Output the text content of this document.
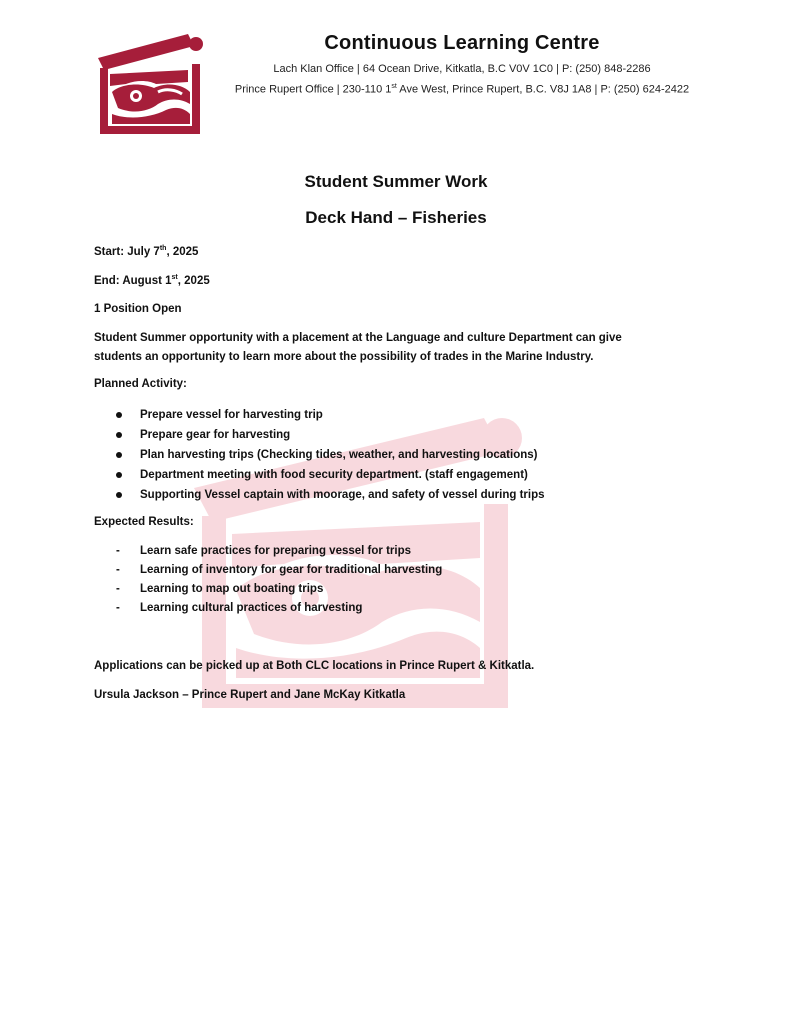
Continuous Learning Centre
Lach Klan Office | 64 Ocean Drive, Kitkatla, B.C V0V 1C0 | P: (250) 848-2286
Prince Rupert Office | 230-110 1st Ave West, Prince Rupert, B.C. V8J 1A8 | P: (250) 624-2422
Student Summer Work
Deck Hand – Fisheries
Start: July 7th, 2025
End: August 1st, 2025
1 Position Open
Student Summer opportunity with a placement at the Language and culture Department can give
students an opportunity to learn more about the possibility of trades in the Marine Industry.
Planned Activity:
Prepare vessel for harvesting trip
Prepare gear for harvesting
Plan harvesting trips (Checking tides, weather, and harvesting locations)
Department meeting with food security department. (staff engagement)
Supporting Vessel captain with moorage, and safety of vessel during trips
Expected Results:
- Learn safe practices for preparing vessel for trips
- Learning of inventory for gear for traditional harvesting
- Learning to map out boating trips
- Learning cultural practices of harvesting
Applications can be picked up at Both CLC locations in Prince Rupert & Kitkatla.
Ursula Jackson – Prince Rupert and Jane McKay Kitkatla
